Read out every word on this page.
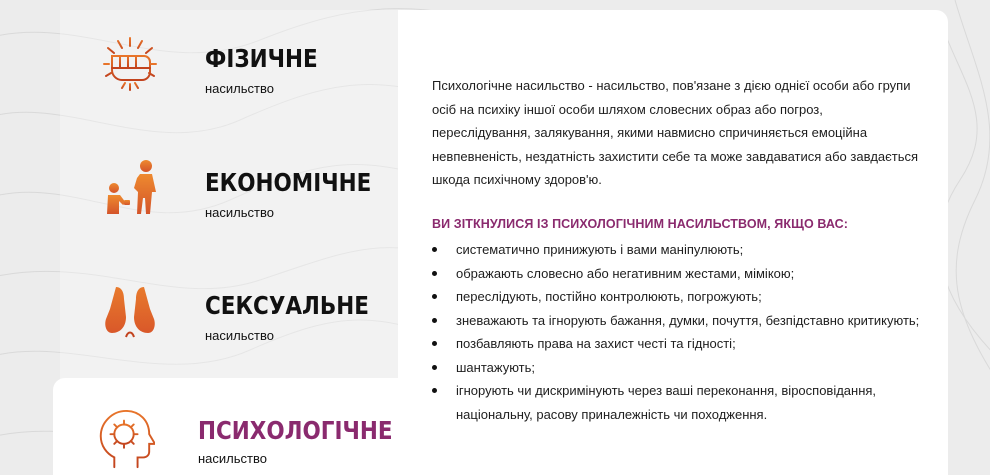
ФІЗИЧНЕ
насильство
ЕКОНОМІЧНЕ
насильство
СЕКСУАЛЬНЕ
насильство
ПСИХОЛОГІЧНЕ
насильство

Психологічне насильство - насильство, пов'язане з дією однієї особи або групи осіб на психіку іншої особи шляхом словесних образ або погроз, переслідування, залякування, якими навмисно спричиняється емоційна невпевненість, нездатність захистити себе та може завдаватися або завдається шкода психічному здоров'ю.

ВИ ЗІТКНУЛИСЯ ІЗ ПСИХОЛОГІЧНИМ НАСИЛЬСТВОМ, ЯКЩО ВАС:
систематично принижують і вами маніпулюють;
ображають словесно або негативним жестами, мімікою;
переслідують, постійно контролюють, погрожують;
зневажають та ігнорують бажання, думки, почуття, безпідставно критикують;
позбавляють права на захист честі та гідності;
шантажують;
ігнорують чи дискримінують через ваші переконання, віросповідання, національну, расову приналежність чи походження.
